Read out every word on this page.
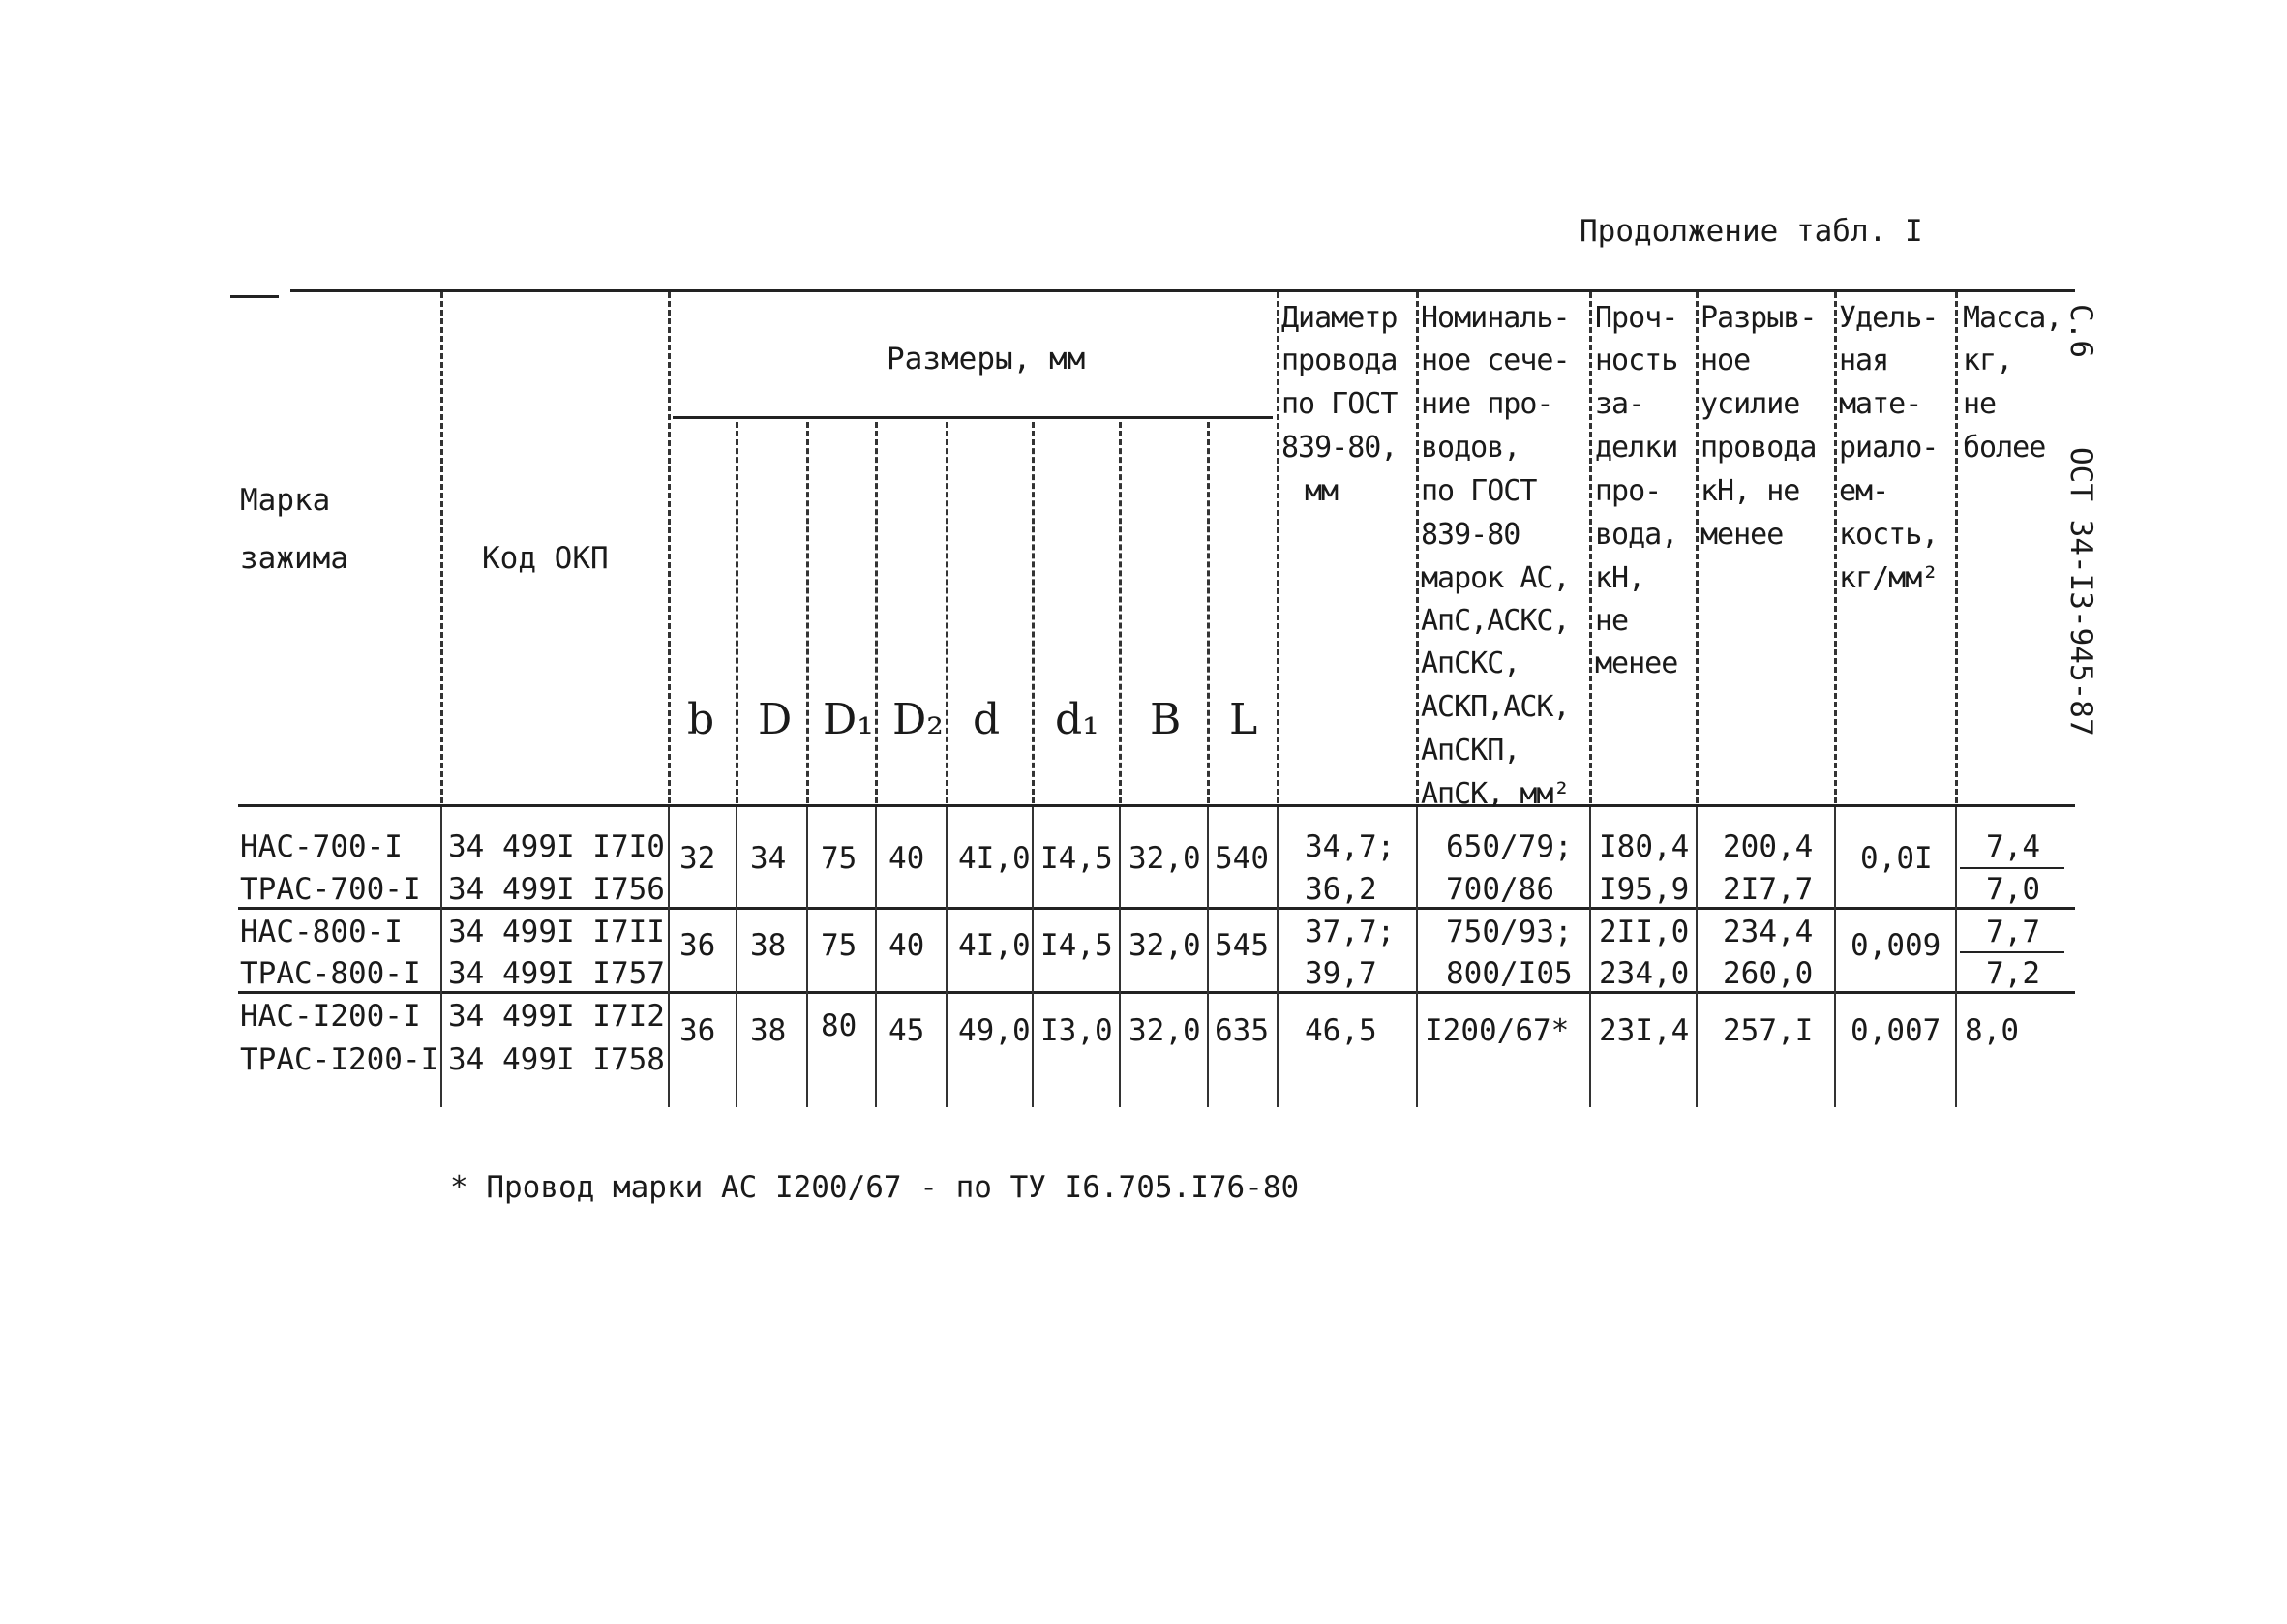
Продолжение табл. I
С.6
ОСТ 34-I3-945-87
Марка
зажима	Код ОКП
Размеры, мм
b D D₁ D₂ d d₁ B L
Диаметр
провода
по ГОСТ
839-80,
мм
Номиналь-
ное сече-
ние про-
водов,
по ГОСТ
839-80
марок АС,
АпС,АСКС,
АпСКС,
АСКП,АСК,
АпСКП,
АпСК, мм²
Проч-
ность
за-
делки
про-
вода,
кН,
не
менее
Разрыв-
ное
усилие
провода
кН, не
менее
Удель-
ная
мате-
риало-
ем-
кость,
кг/мм²
Масса,
кг,
не
более
НАС-700-I
ТРАС-700-I
34 499I I7I0
34 499I I756
32 34 75 40 4I,0 I4,5 32,0 540 34,7;
36,2
650/79;
700/86
I80,4
I95,9
200,4
2I7,7
0,0I 7,4
7,0
НАС-800-I
ТРАС-800-I
34 499I I7II
34 499I I757
36 38 75 40 4I,0 I4,5 32,0 545 37,7;
39,7
750/93;
800/I05
2II,0
234,0
234,4
260,0
0,009 7,7
7,2
НАС-I200-I
ТРАС-I200-I
34 499I I7I2
34 499I I758
36 38 80 45 49,0 I3,0 32,0 635 46,5 I200/67* 23I,4 257,I 0,007 8,0
* Провод марки АС I200/67 - по ТУ I6.705.I76-80
